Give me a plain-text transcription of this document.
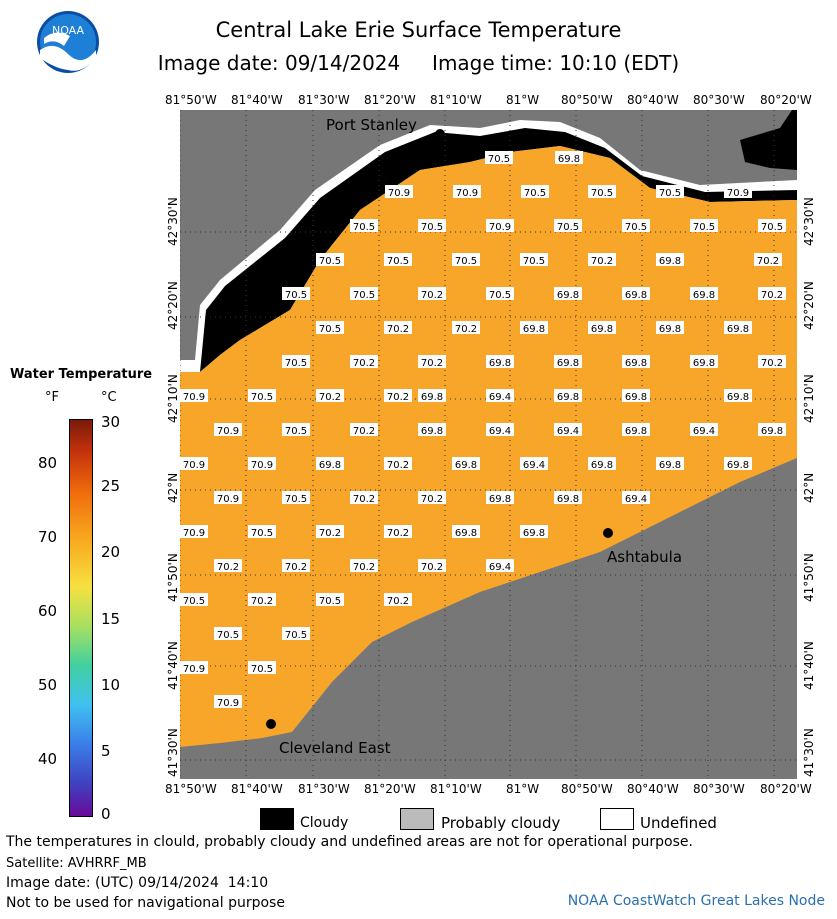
NOAA	Central Lake Erie Surface Temperature
Image date: 09/14/2024     Image time: 10:10 (EDT)
81°50'W 81°40'W 81°30'W 81°20'W 81°10'W 81°W 80°50'W 80°40'W 80°30'W 80°20'W
81°50'W 81°40'W 81°30'W 81°20'W 81°10'W 81°W 80°50'W 80°40'W 80°30'W 80°20'W
42°30'N
42°20'N
42°10'N
42°N
41°50'N
41°40'N
41°30'N
42°30'N
42°20'N
42°10'N
42°N
41°50'N
41°40'N
41°30'N
70.5	69.8
70.9	70.9	70.5	70.5	70.5	70.9
70.5	70.5	70.9	70.5	70.5	70.5	70.5
70.5	70.5	70.5	70.5	70.2	69.8	70.2
70.5	70.5	70.2	70.5	69.8	69.8	69.8	70.2
70.5	70.2	70.2	69.8	69.8	69.8	69.8
70.5	70.2	70.2	69.8	69.8	69.8	69.8	70.2
70.9	70.5	70.2	70.2 69.8	69.4	69.8	69.8	69.8
70.9	70.5	70.2	69.8	69.4	69.4	69.8	69.4	69.8
70.9	70.9	69.8	70.2	69.8	69.4	69.8	69.8	69.8
70.9	70.5	70.2	70.2	69.8	69.8	69.4
70.9	70.5	70.2	70.2	69.8	69.8
70.2	70.2	70.2	70.2	69.4
70.5	70.2	70.5	70.2
70.5	70.5
70.9	70.5
70.9
Port Stanley
Ashtabula
Cleveland East
Water Temperature
°F	°C
80
70
60
50
40
30
25
20
15
10
5
0	Cloudy	Probably cloudy	Undefined
The temperatures in clould, probably cloudy and undefined areas are not for operational purpose.
Satellite: AVHRRF_MB
Image date: (UTC) 09/14/2024  14:10
Not to be used for navigational purpose	NOAA CoastWatch Great Lakes Node
